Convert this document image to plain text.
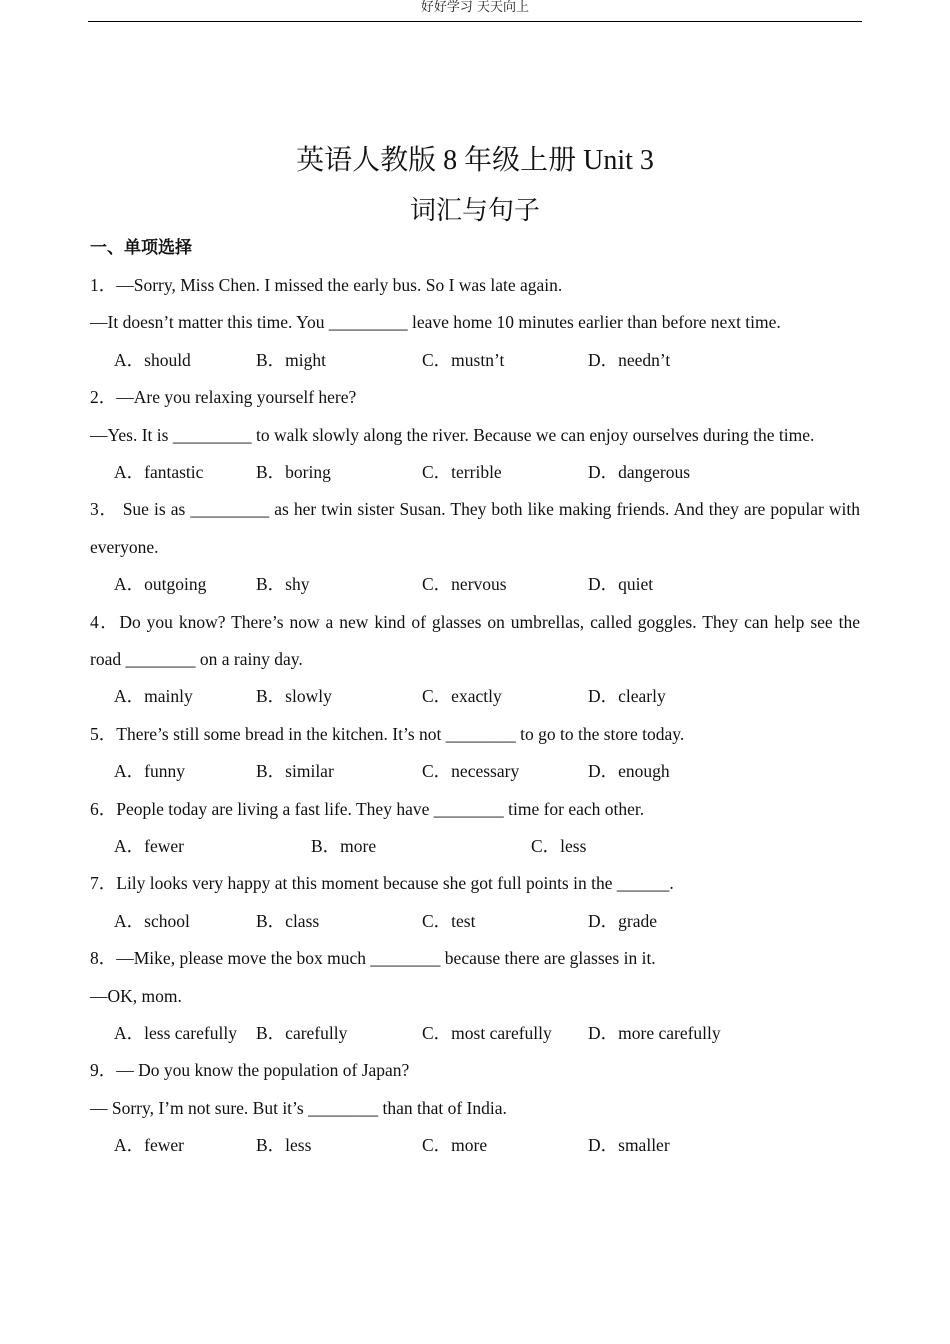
好好学习 天天向上
英语人教版 8 年级上册 Unit 3
词汇与句子
一、单项选择
1．—Sorry, Miss Chen. I missed the early bus. So I was late again.
—It doesn’t matter this time. You _________ leave home 10 minutes earlier than before next time.
A．should	B．might	C．mustn’t	D．needn’t
2．—Are you relaxing yourself here?
—Yes. It is _________ to walk slowly along the river. Because we can enjoy ourselves during the time.
A．fantastic	B．boring	C．terrible	D．dangerous
3． Sue is as _________ as her twin sister Susan. They both like making friends. And they are popular with everyone.
A．outgoing	B．shy	C．nervous	D．quiet
4．Do you know? There’s now a new kind of glasses on umbrellas, called goggles. They can help see the road ________ on a rainy day.
A．mainly	B．slowly	C．exactly	D．clearly
5．There’s still some bread in the kitchen. It’s not ________ to go to the store today.
A．funny	B．similar	C．necessary	D．enough
6．People today are living a fast life. They have ________ time for each other.
A．fewer	B．more	C．less
7．Lily looks very happy at this moment because she got full points in the ______.
A．school	B．class	C．test	D．grade
8．—Mike, please move the box much ________ because there are glasses in it.
—OK, mom.
A．less carefully B．carefully	C．most carefully D．more carefully
9．— Do you know the population of Japan?
— Sorry, I’m not sure. But it’s ________ than that of India.
A．fewer	B．less	C．more	D．smaller
